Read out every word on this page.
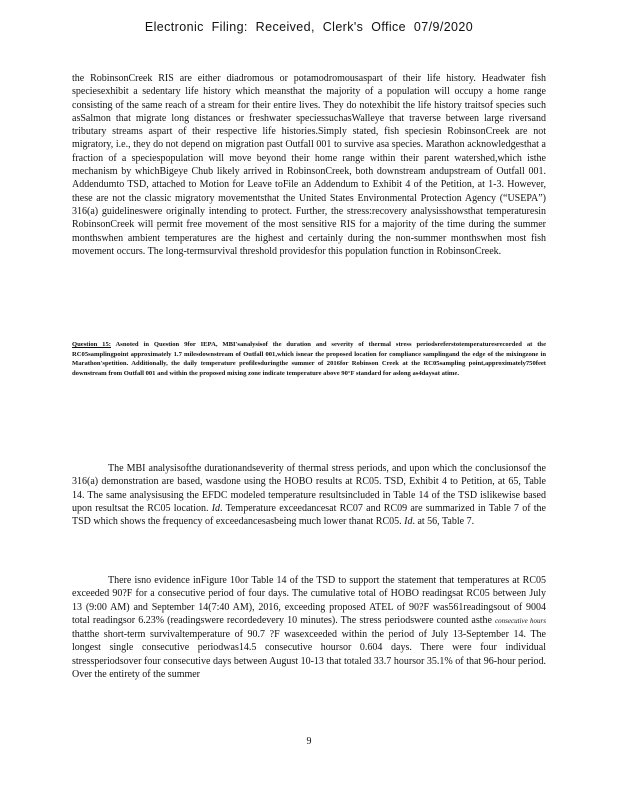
Electronic Filing: Received, Clerk's Office 07/9/2020

the RobinsonCreek RIS are either diadromous or potamodromousaspart of their life history. Headwater fish speciesexhibit a sedentary life history which meansthat the majority of a population will occupy a home range consisting of the same reach of a stream for their entire lives. They do notexhibit the life history traitsof species such asSalmon that migrate long distances or freshwater speciessuchasWalleye that traverse between large riversand tributary streams aspart of their respective life histories.Simply stated, fish speciesin RobinsonCreek are not migratory, i.e., they do not depend on migration past Outfall 001 to survive asa species. Marathon acknowledgesthat a fraction of a speciespopulation will move beyond their home range within their parent watershed,which isthe mechanism by whichBigeye Chub likely arrived in RobinsonCreek, both downstream andupstream of Outfall 001. Addendumto TSD, attached to Motion for Leave toFile an Addendum to Exhibit 4 of the Petition, at 1-3. However, these are not the classic migratory movementsthat the United States Environmental Protection Agency (“USEPA”) 316(a) guidelineswere originally intending to protect. Further, the stress:recovery analysisshowsthat temperaturesin RobinsonCreek will permit free movement of the most sensitive RIS for a majority of the time during the summer monthswhen ambient temperatures are the highest and certainly during the non-summer monthswhen most fish movement occurs. The long-termsurvival threshold providesfor this population function in RobinsonCreek.

Question 15: Asnoted in Question 9for IEPA, MBI'sanalysisof the duration and severity of thermal stress periodsreferstotemperaturesrecorded at the RC05samplingpoint approximately 1.7 milesdownstream of Outfall 001,which isnear the proposed location for compliance samplingand the edge of the mixingzone in Marathon'spetition. Additionally, the daily temperature profilesduringthe summer of 2016for Robinson Creek at the RC05sampling point,approximately750feet downstream from Outfall 001 and within the proposed mixing zone indicate temperature above 90°F standard for aslong as4daysat atime.

The MBI analysisofthe durationandseverity of thermal stress periods, and upon which the conclusionsof the 316(a) demonstration are based, wasdone using the HOBO results at RC05. TSD, Exhibit 4 to Petition, at 65, Table 14. The same analysisusing the EFDC modeled temperature resultsincluded in Table 14 of the TSD islikewise based upon resultsat the RC05 location. Id. Temperature exceedancesat RC07 and RC09 are summarized in Table 7 of the TSD which shows the frequency of exceedancesasbeing much lower thanat RC05. Id. at 56, Table 7.

There isno evidence inFigure 10or Table 14 of the TSD to support the statement that temperatures at RC05 exceeded 90?F for a consecutive period of four days. The cumulative total of HOBO readingsat RC05 between July 13 (9:00 AM) and September 14(7:40 AM), 2016, exceeding proposed ATEL of 90?F was561readingsout of 9004 total readingsor 6.23% (readingswere recordedevery 10 minutes). The stress periodswere counted asthe consecutive hours thatthe short-term survivaltemperature of 90.7 ?F wasexceeded within the period of July 13-September 14. The longest single consecutive periodwas14.5 consecutive hoursor 0.604 days. There were four individual stressperiodsover four consecutive days between August 10-13 that totaled 33.7 hoursor 35.1% of that 96-hour period. Over the entirety of the summer

9
